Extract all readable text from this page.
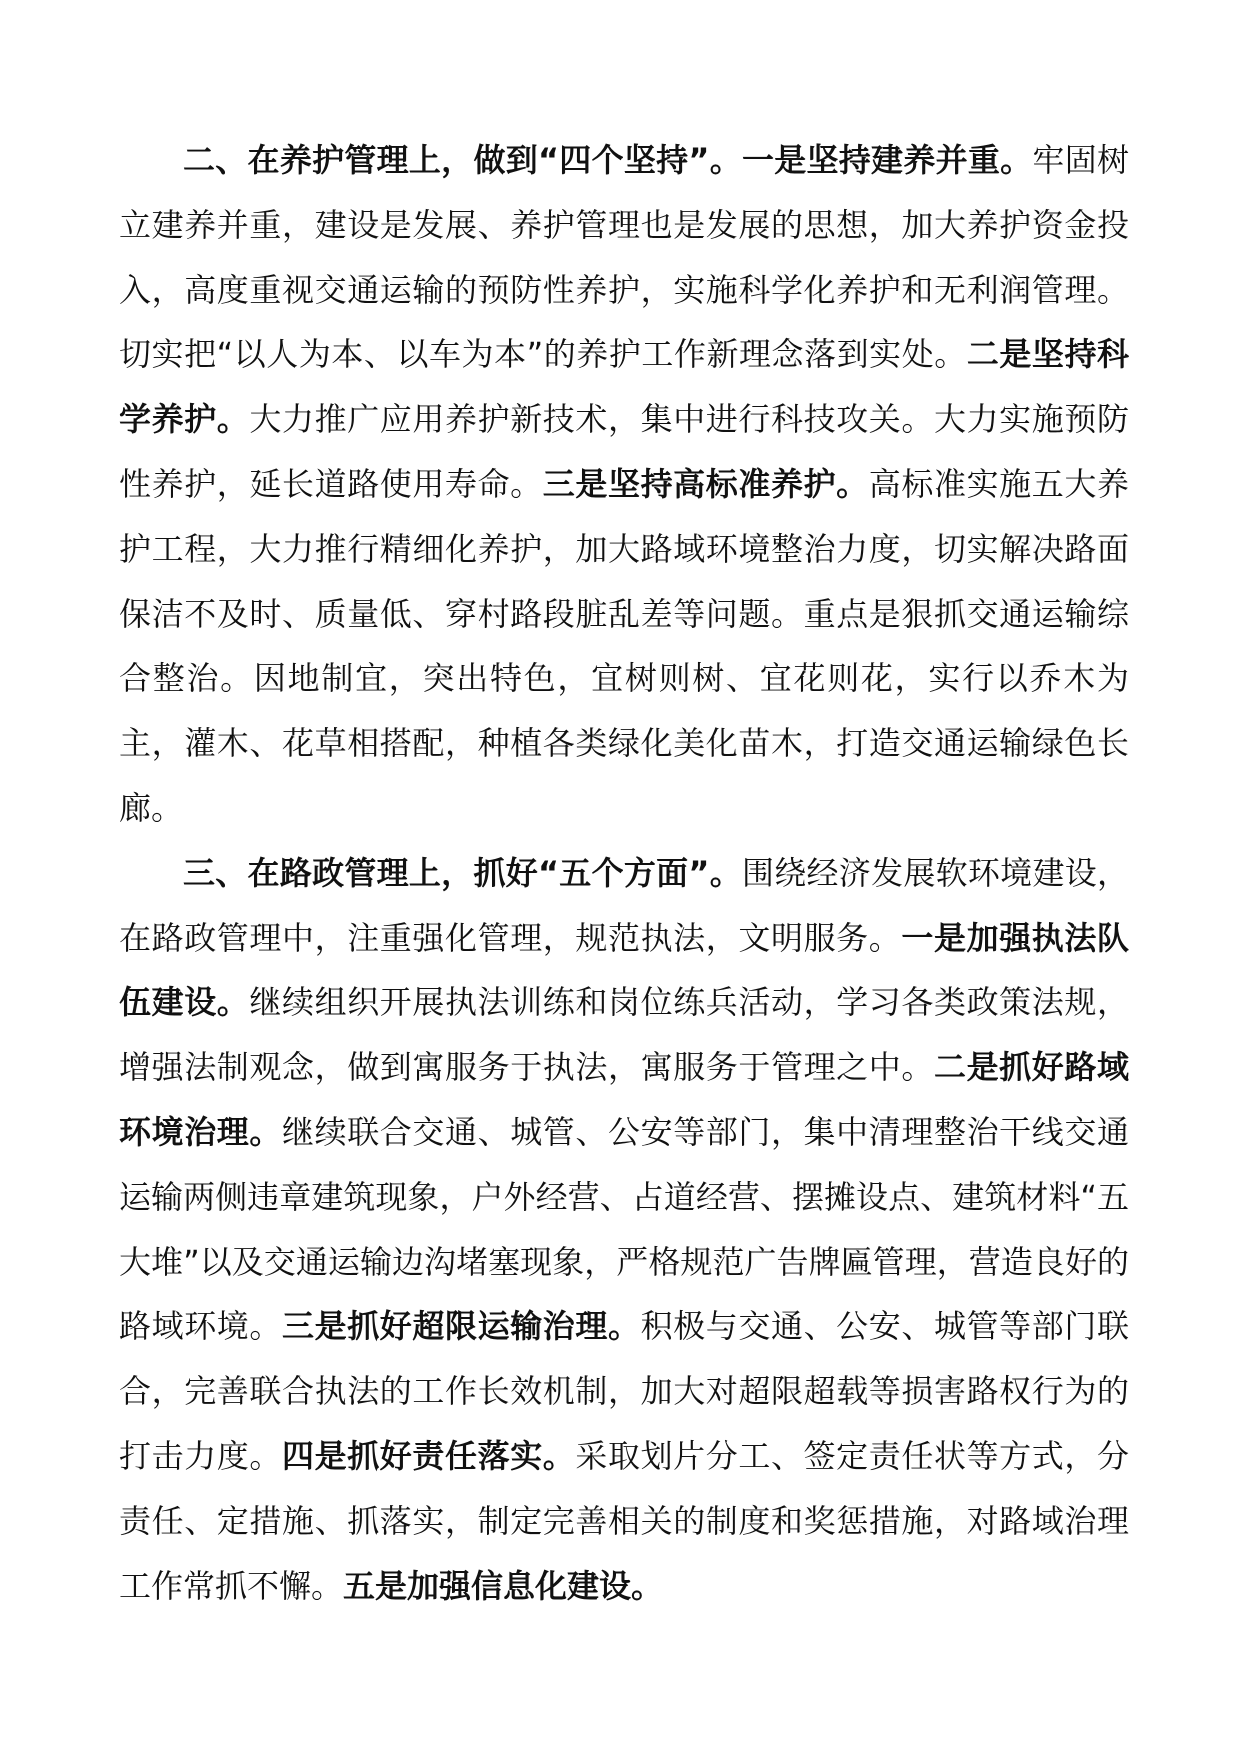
二、在养护管理上，做到“四个坚持”。一是坚持建养并重。牢固树立建养并重，建设是发展、养护管理也是发展的思想，加大养护资金投入，高度重视交通运输的预防性养护，实施科学化养护和无利润管理。切实把“以人为本、以车为本”的养护工作新理念落到实处。二是坚持科学养护。大力推广应用养护新技术，集中进行科技攻关。大力实施预防性养护，延长道路使用寿命。三是坚持高标准养护。高标准实施五大养护工程，大力推行精细化养护，加大路域环境整治力度，切实解决路面保洁不及时、质量低、穿村路段脏乱差等问题。重点是狠抓交通运输综合整治。因地制宜，突出特色，宜树则树、宜花则花，实行以乔木为主，灌木、花草相搭配，种植各类绿化美化苗木，打造交通运输绿色长廊。

三、在路政管理上，抓好“五个方面”。围绕经济发展软环境建设，在路政管理中，注重强化管理，规范执法，文明服务。一是加强执法队伍建设。继续组织开展执法训练和岗位练兵活动，学习各类政策法规，增强法制观念，做到寓服务于执法，寓服务于管理之中。二是抓好路域环境治理。继续联合交通、城管、公安等部门，集中清理整治干线交通运输两侧违章建筑现象，户外经营、占道经营、摆摊设点、建筑材料“五大堆”以及交通运输边沟堵塞现象，严格规范广告牌匾管理，营造良好的路域环境。三是抓好超限运输治理。积极与交通、公安、城管等部门联合，完善联合执法的工作长效机制，加大对超限超载等损害路权行为的打击力度。四是抓好责任落实。采取划片分工、签定责任状等方式，分责任、定措施、抓落实，制定完善相关的制度和奖惩措施，对路域治理工作常抓不懈。五是加强信息化建设。
